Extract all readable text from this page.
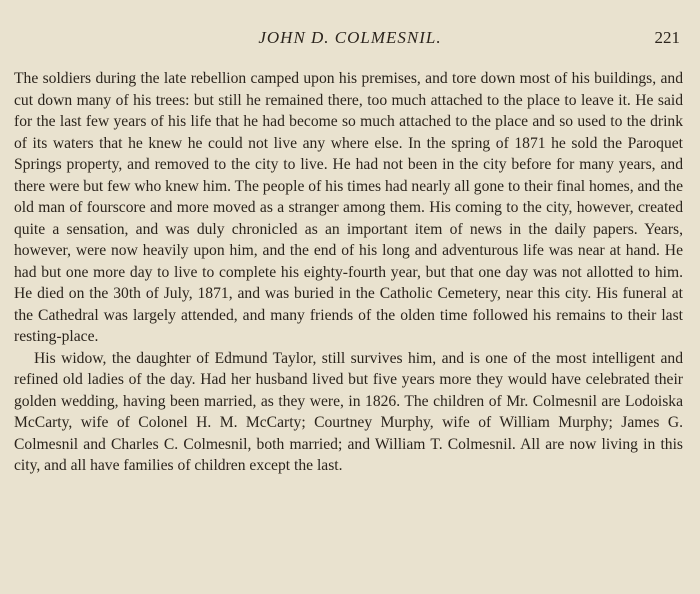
JOHN D. COLMESNIL.	221

The soldiers during the late rebellion camped upon his premises, and tore down most of his buildings, and cut down many of his trees: but still he remained there, too much attached to the place to leave it. He said for the last few years of his life that he had become so much attached to the place and so used to the drink of its waters that he knew he could not live any where else. In the spring of 1871 he sold the Paroquet Springs property, and removed to the city to live. He had not been in the city before for many years, and there were but few who knew him. The people of his times had nearly all gone to their final homes, and the old man of fourscore and more moved as a stranger among them. His coming to the city, however, created quite a sensation, and was duly chronicled as an important item of news in the daily papers. Years, however, were now heavily upon him, and the end of his long and adventurous life was near at hand. He had but one more day to live to complete his eighty-fourth year, but that one day was not allotted to him. He died on the 30th of July, 1871, and was buried in the Catholic Cemetery, near this city. His funeral at the Cathedral was largely attended, and many friends of the olden time followed his remains to their last resting-place.

His widow, the daughter of Edmund Taylor, still survives him, and is one of the most intelligent and refined old ladies of the day. Had her husband lived but five years more they would have celebrated their golden wedding, having been married, as they were, in 1826. The children of Mr. Colmesnil are Lodoiska McCarty, wife of Colonel H. M. McCarty; Courtney Murphy, wife of William Murphy; James G. Colmesnil and Charles C. Colmesnil, both married; and William T. Colmesnil. All are now living in this city, and all have families of children except the last.
